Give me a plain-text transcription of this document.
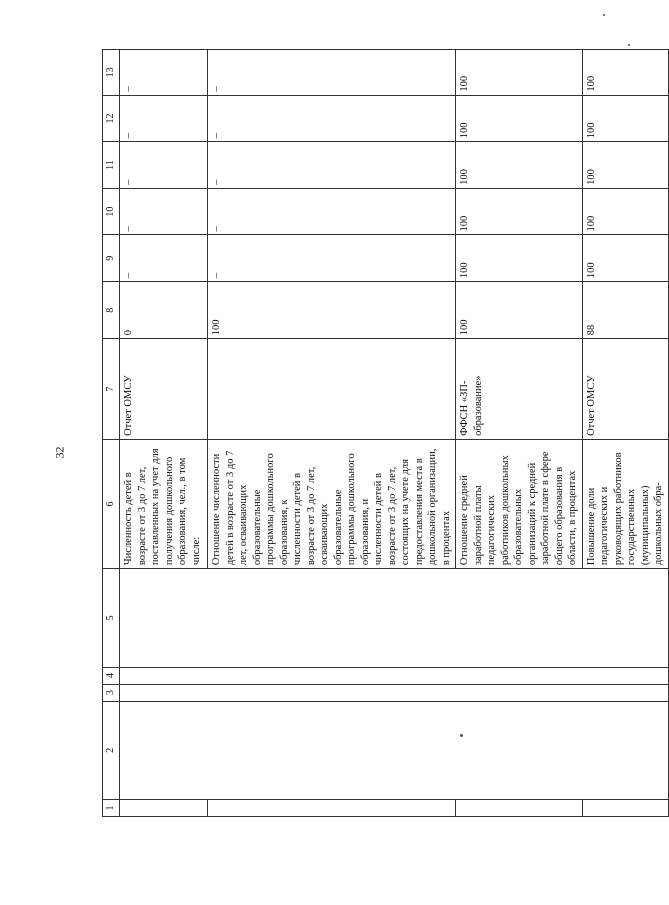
32
1	2	3	4	5	6	7	8	9	10	11	12	13
					Численность детей в возрасте от 3 до 7 лет, поставленных на учет для получения дошкольного образования, чел., в том числе:	Отчет ОМСУ	0	–	–	–	–	–
					Отношение численности детей в возрасте от 3 до 7 лет, осваивающих образовательные программы дошкольного образования, к численности детей в возрасте от 3 до 7 лет, осваивающих образовательные программы дошкольного образования, и численности детей в возрасте от 3 до 7 лет, состоящих на учете для предоставления места в дошкольной организации, в процентах		100	–	–	–	–	–
					Отношение средней заработной платы педагогических работников дошкольных образовательных организаций к средней заработной плате в сфере общего образования в области, в процентах	ФФСН «ЗП-образование»	100	100	100	100	100	100
					Повышение доли педагогических и руководящих работников государственных (муниципальных) дошкольных обра-	Отчет ОМСУ	88	100	100	100	100	100
